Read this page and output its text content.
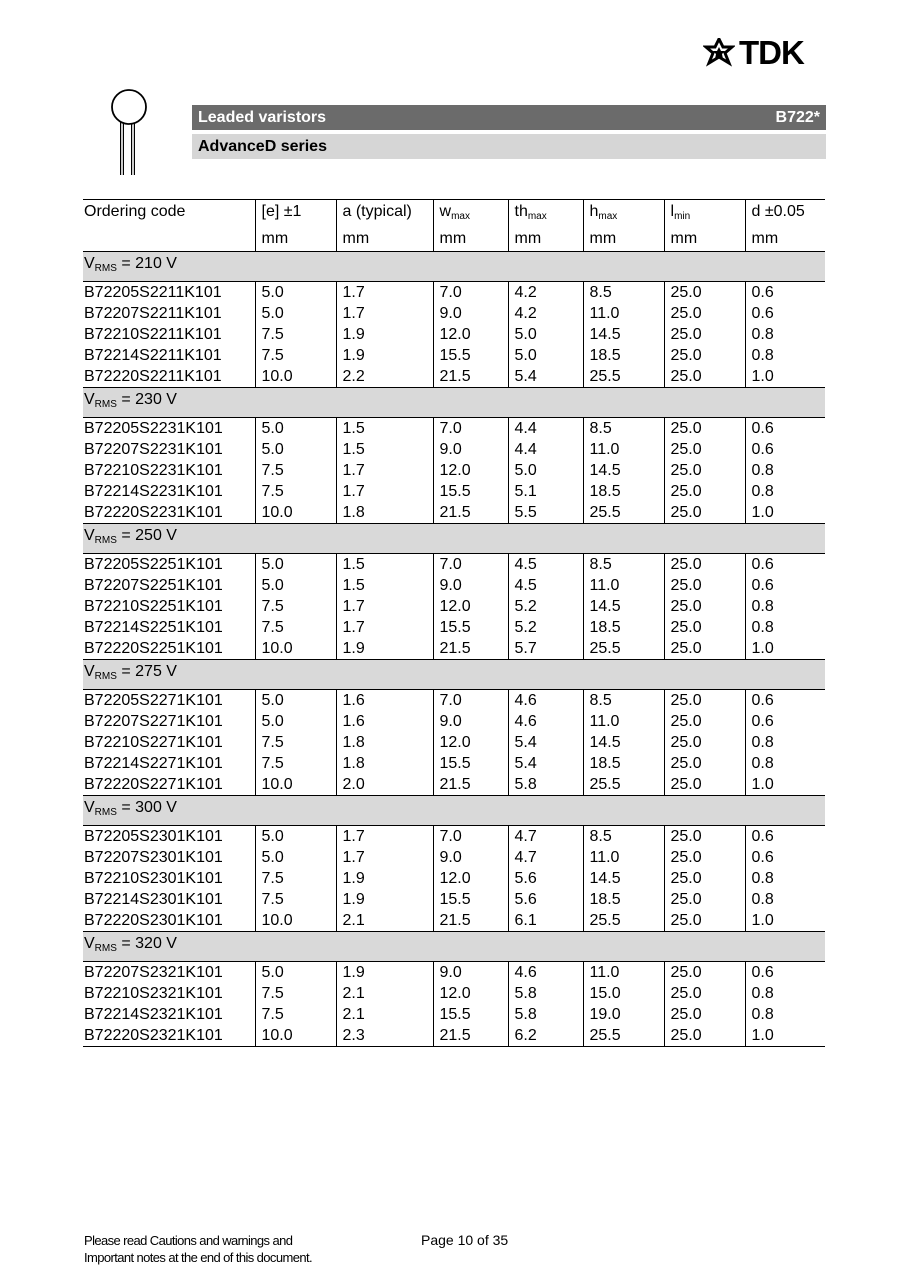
TDK
Leaded varistors	B722*
AdvanceD series
Ordering code	[e] ±1	a (typical)	$w_{max}$	$th_{max}$	$h_{max}$	$l_{min}$	d ±0.05
	mm	mm	mm	mm	mm	mm	mm
$V_{RMS} = 210$ V							
B72205S2211K101	5.0	1.7	7.0	4.2	8.5	25.0	0.6
B72207S2211K101	5.0	1.7	9.0	4.2	11.0	25.0	0.6
B72210S2211K101	7.5	1.9	12.0	5.0	14.5	25.0	0.8
B72214S2211K101	7.5	1.9	15.5	5.0	18.5	25.0	0.8
B72220S2211K101	10.0	2.2	21.5	5.4	25.5	25.0	1.0
$V_{RMS} = 230$ V							
B72205S2231K101	5.0	1.5	7.0	4.4	8.5	25.0	0.6
B72207S2231K101	5.0	1.5	9.0	4.4	11.0	25.0	0.6
B72210S2231K101	7.5	1.7	12.0	5.0	14.5	25.0	0.8
B72214S2231K101	7.5	1.7	15.5	5.1	18.5	25.0	0.8
B72220S2231K101	10.0	1.8	21.5	5.5	25.5	25.0	1.0
$V_{RMS} = 250$ V							
B72205S2251K101	5.0	1.5	7.0	4.5	8.5	25.0	0.6
B72207S2251K101	5.0	1.5	9.0	4.5	11.0	25.0	0.6
B72210S2251K101	7.5	1.7	12.0	5.2	14.5	25.0	0.8
B72214S2251K101	7.5	1.7	15.5	5.2	18.5	25.0	0.8
B72220S2251K101	10.0	1.9	21.5	5.7	25.5	25.0	1.0
$V_{RMS} = 275$ V							
B72205S2271K101	5.0	1.6	7.0	4.6	8.5	25.0	0.6
B72207S2271K101	5.0	1.6	9.0	4.6	11.0	25.0	0.6
B72210S2271K101	7.5	1.8	12.0	5.4	14.5	25.0	0.8
B72214S2271K101	7.5	1.8	15.5	5.4	18.5	25.0	0.8
B72220S2271K101	10.0	2.0	21.5	5.8	25.5	25.0	1.0
$V_{RMS} = 300$ V							
B72205S2301K101	5.0	1.7	7.0	4.7	8.5	25.0	0.6
B72207S2301K101	5.0	1.7	9.0	4.7	11.0	25.0	0.6
B72210S2301K101	7.5	1.9	12.0	5.6	14.5	25.0	0.8
B72214S2301K101	7.5	1.9	15.5	5.6	18.5	25.0	0.8
B72220S2301K101	10.0	2.1	21.5	6.1	25.5	25.0	1.0
$V_{RMS} = 320$ V							
B72207S2321K101	5.0	1.9	9.0	4.6	11.0	25.0	0.6
B72210S2321K101	7.5	2.1	12.0	5.8	15.0	25.0	0.8
B72214S2321K101	7.5	2.1	15.5	5.8	19.0	25.0	0.8
B72220S2321K101	10.0	2.3	21.5	6.2	25.5	25.0	1.0
Please read Cautions and warnings and
Important notes at the end of this document.
Page 10 of 35
